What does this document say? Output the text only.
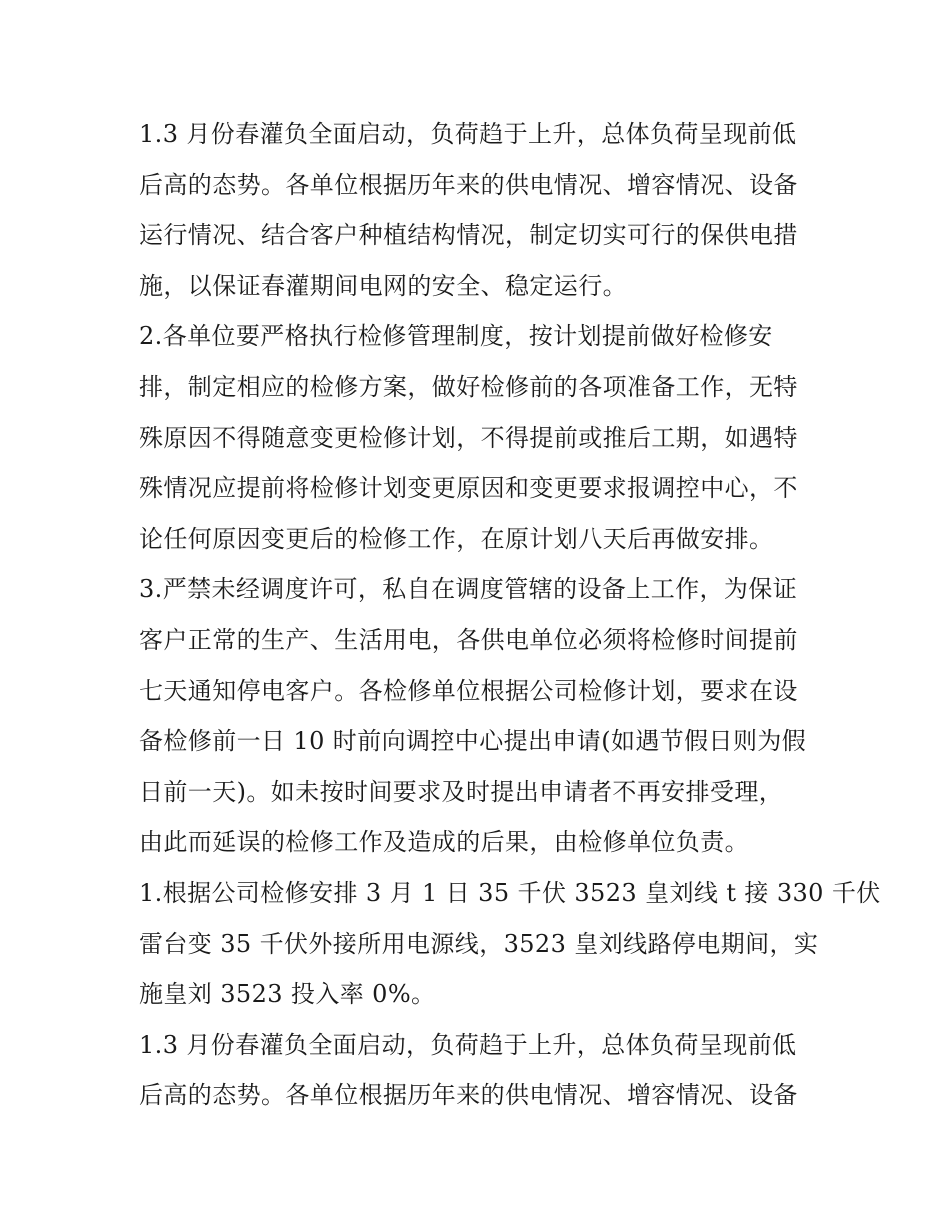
1.3 月份春灌负全面启动，负荷趋于上升，总体负荷呈现前低
后高的态势。各单位根据历年来的供电情况、增容情况、设备
运行情况、结合客户种植结构情况，制定切实可行的保供电措
施，以保证春灌期间电网的安全、稳定运行。
2.各单位要严格执行检修管理制度，按计划提前做好检修安
排，制定相应的检修方案，做好检修前的各项准备工作，无特
殊原因不得随意变更检修计划，不得提前或推后工期，如遇特
殊情况应提前将检修计划变更原因和变更要求报调控中心，不
论任何原因变更后的检修工作，在原计划八天后再做安排。
3.严禁未经调度许可，私自在调度管辖的设备上工作，为保证
客户正常的生产、生活用电，各供电单位必须将检修时间提前
七天通知停电客户。各检修单位根据公司检修计划，要求在设
备检修前一日 10 时前向调控中心提出申请(如遇节假日则为假
日前一天)。如未按时间要求及时提出申请者不再安排受理，
由此而延误的检修工作及造成的后果，由检修单位负责。
1.根据公司检修安排 3 月 1 日 35 千伏 3523 皇刘线 t 接 330 千伏
雷台变 35 千伏外接所用电源线，3523 皇刘线路停电期间，实
施皇刘 3523 投入率 0%。
1.3 月份春灌负全面启动，负荷趋于上升，总体负荷呈现前低
后高的态势。各单位根据历年来的供电情况、增容情况、设备
